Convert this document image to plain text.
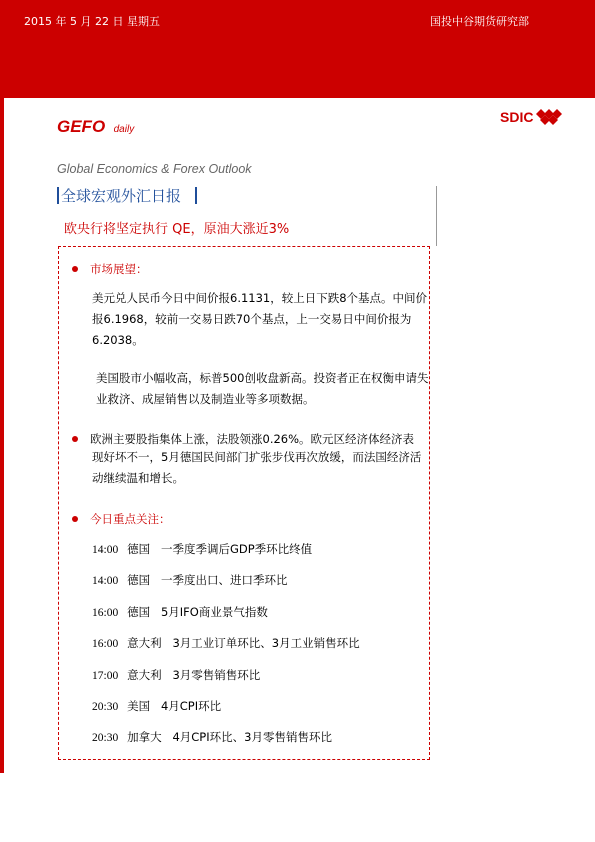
2015 年 5 月 22 日 星期五	国投中谷期货研究部
GEFO daily
SDIC
Global Economics & Forex Outlook
全球宏观外汇日报
欧央行将坚定执行 QE，原油大涨近3%
市场展望：
美元兑人民币今日中间价报6.1131，较上日下跌8个基点。中间价报6.1968，较前一交易日跌70个基点，上一交易日中间价报为6.2038。
美国股市小幅收高，标普500创收盘新高。投资者正在权衡申请失业救济、成屋销售以及制造业等多项数据。
欧洲主要股指集体上涨，法股领涨0.26%。欧元区经济体经济表
现好坏不一，5月德国民间部门扩张步伐再次放缓，而法国经济活动继续温和增长。
今日重点关注：
14:00 德国 一季度季调后GDP季环比终值
14:00 德国 一季度出口、进口季环比
16:00 德国 5月IFO商业景气指数
16:00 意大利 3月工业订单环比、3月工业销售环比
17:00 意大利 3月零售销售环比
20:30 美国 4月CPI环比
20:30 加拿大 4月CPI环比、3月零售销售环比
